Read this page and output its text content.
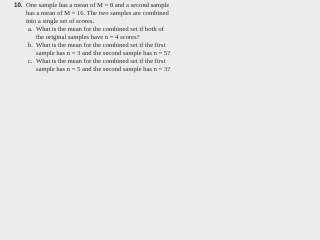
10. One sample has a mean of M = 8 and a second sample
has a mean of M = 16. The two samples are combined
into a single set of scores.
a. What is the mean for the combined set if both of
the original samples have n = 4 scores?
b. What is the mean for the combined set if the first
sample has n = 3 and the second sample has n = 5?
c. What is the mean for the combined set if the first
sample has n = 5 and the second sample has n = 3?
